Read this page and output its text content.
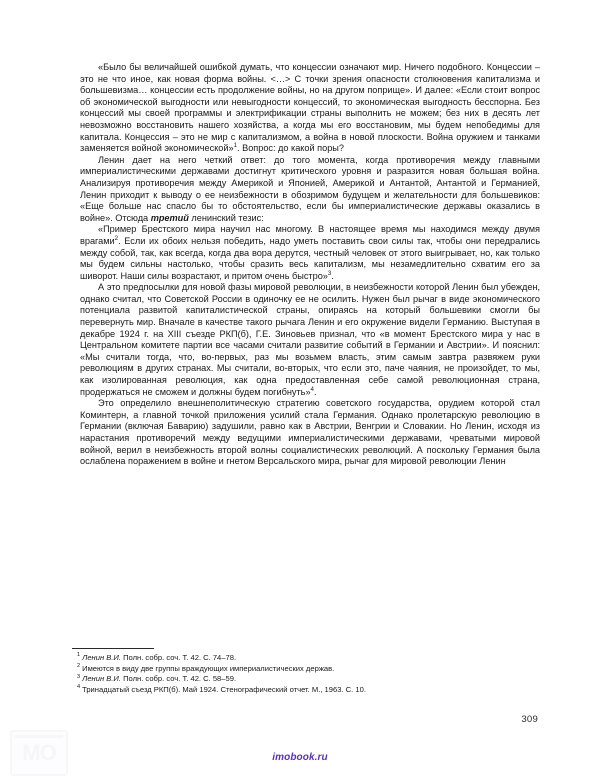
«Было бы величайшей ошибкой думать, что концессии означают мир. Ничего подобного. Концессии – это не что иное, как новая форма войны. <…> С точки зрения опасности столкновения капитализма и большевизма… концессии есть продолжение войны, но на другом поприще». И далее: «Если стоит вопрос об экономической выгодности или невыгодности концессий, то экономическая выгодность бесспорна. Без концессий мы своей программы и электрификации страны выполнить не можем; без них в десять лет невозможно восстановить нашего хозяйства, а когда мы его восстановим, мы будем непобедимы для капитала. Концессия – это не мир с капитализмом, а война в новой плоскости. Война оружием и танками заменяется войной экономической»$^1$. Вопрос: до какой поры?

Ленин дает на него четкий ответ: до того момента, когда противоречия между главными империалистическими державами достигнут критического уровня и разразится новая большая война. Анализируя противоречия между Америкой и Японией, Америкой и Антантой, Антантой и Германией, Ленин приходит к выводу о ее неизбежности в обозримом будущем и желательности для большевиков: «Еще больше нас спасло бы то обстоятельство, если бы империалистические державы оказались в войне». Отсюда третий ленинский тезис:

«Пример Брестского мира научил нас многому. В настоящее время мы находимся между двумя врагами$^2$. Если их обоих нельзя победить, надо уметь поставить свои силы так, чтобы они передрались между собой, так, как всегда, когда два вора дерутся, честный человек от этого выигрывает, но, как только мы будем сильны настолько, чтобы сразить весь капитализм, мы незамедлительно схватим его за шиворот. Наши силы возрастают, и притом очень быстро»$^3$.

А это предпосылки для новой фазы мировой революции, в неизбежности которой Ленин был убежден, однако считал, что Советской России в одиночку ее не осилить. Нужен был рычаг в виде экономического потенциала развитой капиталистической страны, опираясь на который большевики смогли бы перевернуть мир. Вначале в качестве такого рычага Ленин и его окружение видели Германию. Выступая в декабре 1924 г. на XIII съезде РКП(б), Г.Е. Зиновьев признал, что «в момент Брестского мира у нас в Центральном комитете партии все часами считали развитие событий в Германии и Австрии». И пояснил: «Мы считали тогда, что, во-первых, раз мы возьмем власть, этим самым завтра развяжем руки революциям в других странах. Мы считали, во-вторых, что если это, паче чаяния, не произойдет, то мы, как изолированная революция, как одна предоставленная себе самой революционная страна, продержаться не сможем и должны будем погибнуть»$^4$.

Это определило внешнеполитическую стратегию советского государства, орудием которой стал Коминтерн, а главной точкой приложения усилий стала Германия. Однако пролетарскую революцию в Германии (включая Баварию) задушили, равно как в Австрии, Венгрии и Словакии. Но Ленин, исходя из нарастания противоречий между ведущими империалистическими державами, чреватыми мировой войной, верил в неизбежность второй волны социалистических революций. А поскольку Германия была ослаблена поражением в войне и гнетом Версальского мира, рычаг для мировой революции Ленин

$^1$ Ленин В.И. Полн. собр. соч. Т. 42. С. 74–78.

$^2$ Имеются в виду две группы враждующих империалистических держав.

$^3$ Ленин В.И. Полн. собр. соч. Т. 42. С. 58–59.

$^4$ Тринадцатый съезд РКП(б). Май 1924. Стенографический отчет. М., 1963. С. 10.

309
imobook.ru
MO
